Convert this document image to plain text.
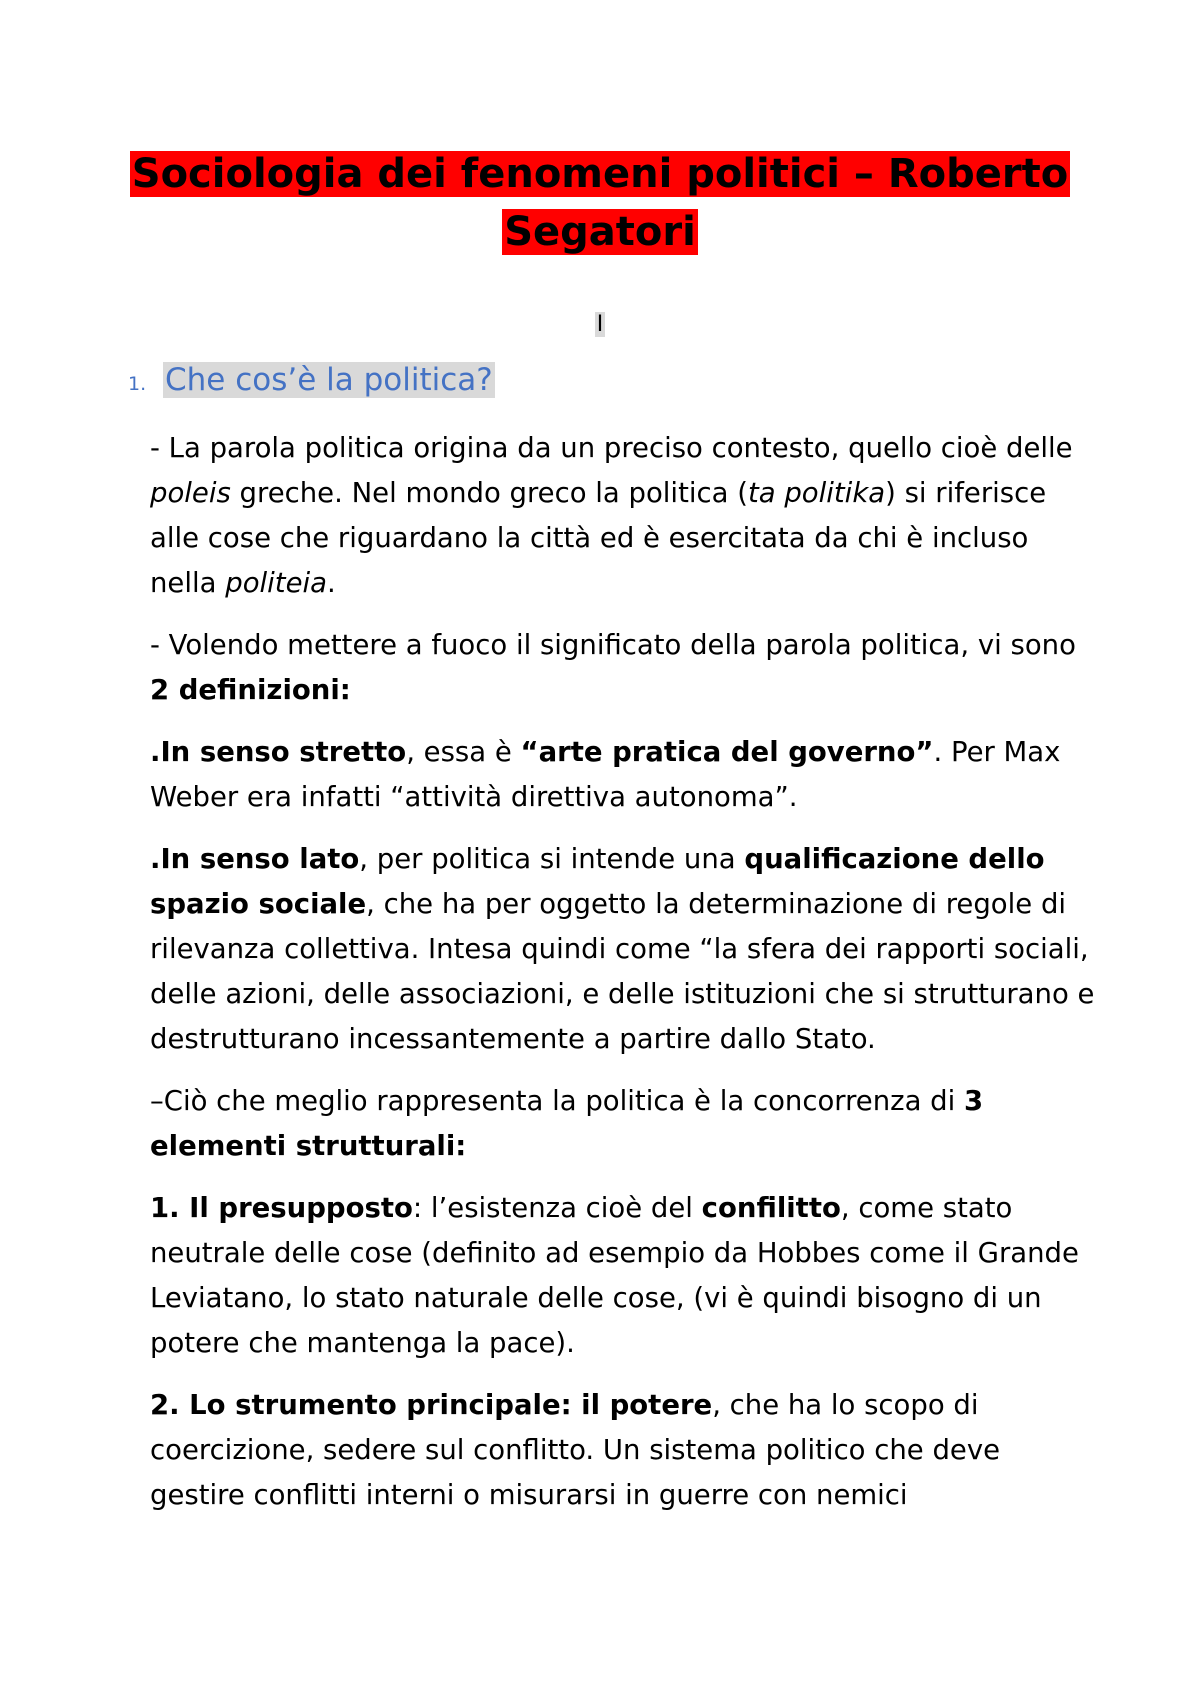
Sociologia dei fenomeni politici – Roberto
Segatori
I
1. Che cos’è la politica?

- La parola politica origina da un preciso contesto, quello cioè delle poleis greche. Nel mondo greco la politica (ta politika) si riferisce alle cose che riguardano la città ed è esercitata da chi è incluso nella politeia.

- Volendo mettere a fuoco il significato della parola politica, vi sono 2 definizioni:

.In senso stretto, essa è “arte pratica del governo”. Per Max Weber era infatti “attività direttiva autonoma”.

.In senso lato, per politica si intende una qualificazione dello spazio sociale, che ha per oggetto la determinazione di regole di rilevanza collettiva. Intesa quindi come “la sfera dei rapporti sociali, delle azioni, delle associazioni, e delle istituzioni che si strutturano e destrutturano incessantemente a partire dallo Stato.

–Ciò che meglio rappresenta la politica è la concorrenza di 3 elementi strutturali:

1. Il presupposto: l’esistenza cioè del confilitto, come stato neutrale delle cose (definito ad esempio da Hobbes come il Grande Leviatano, lo stato naturale delle cose, (vi è quindi bisogno di un potere che mantenga la pace).

2. Lo strumento principale: il potere, che ha lo scopo di coercizione, sedere sul conflitto. Un sistema politico che deve gestire conflitti interni o misurarsi in guerre con nemici
